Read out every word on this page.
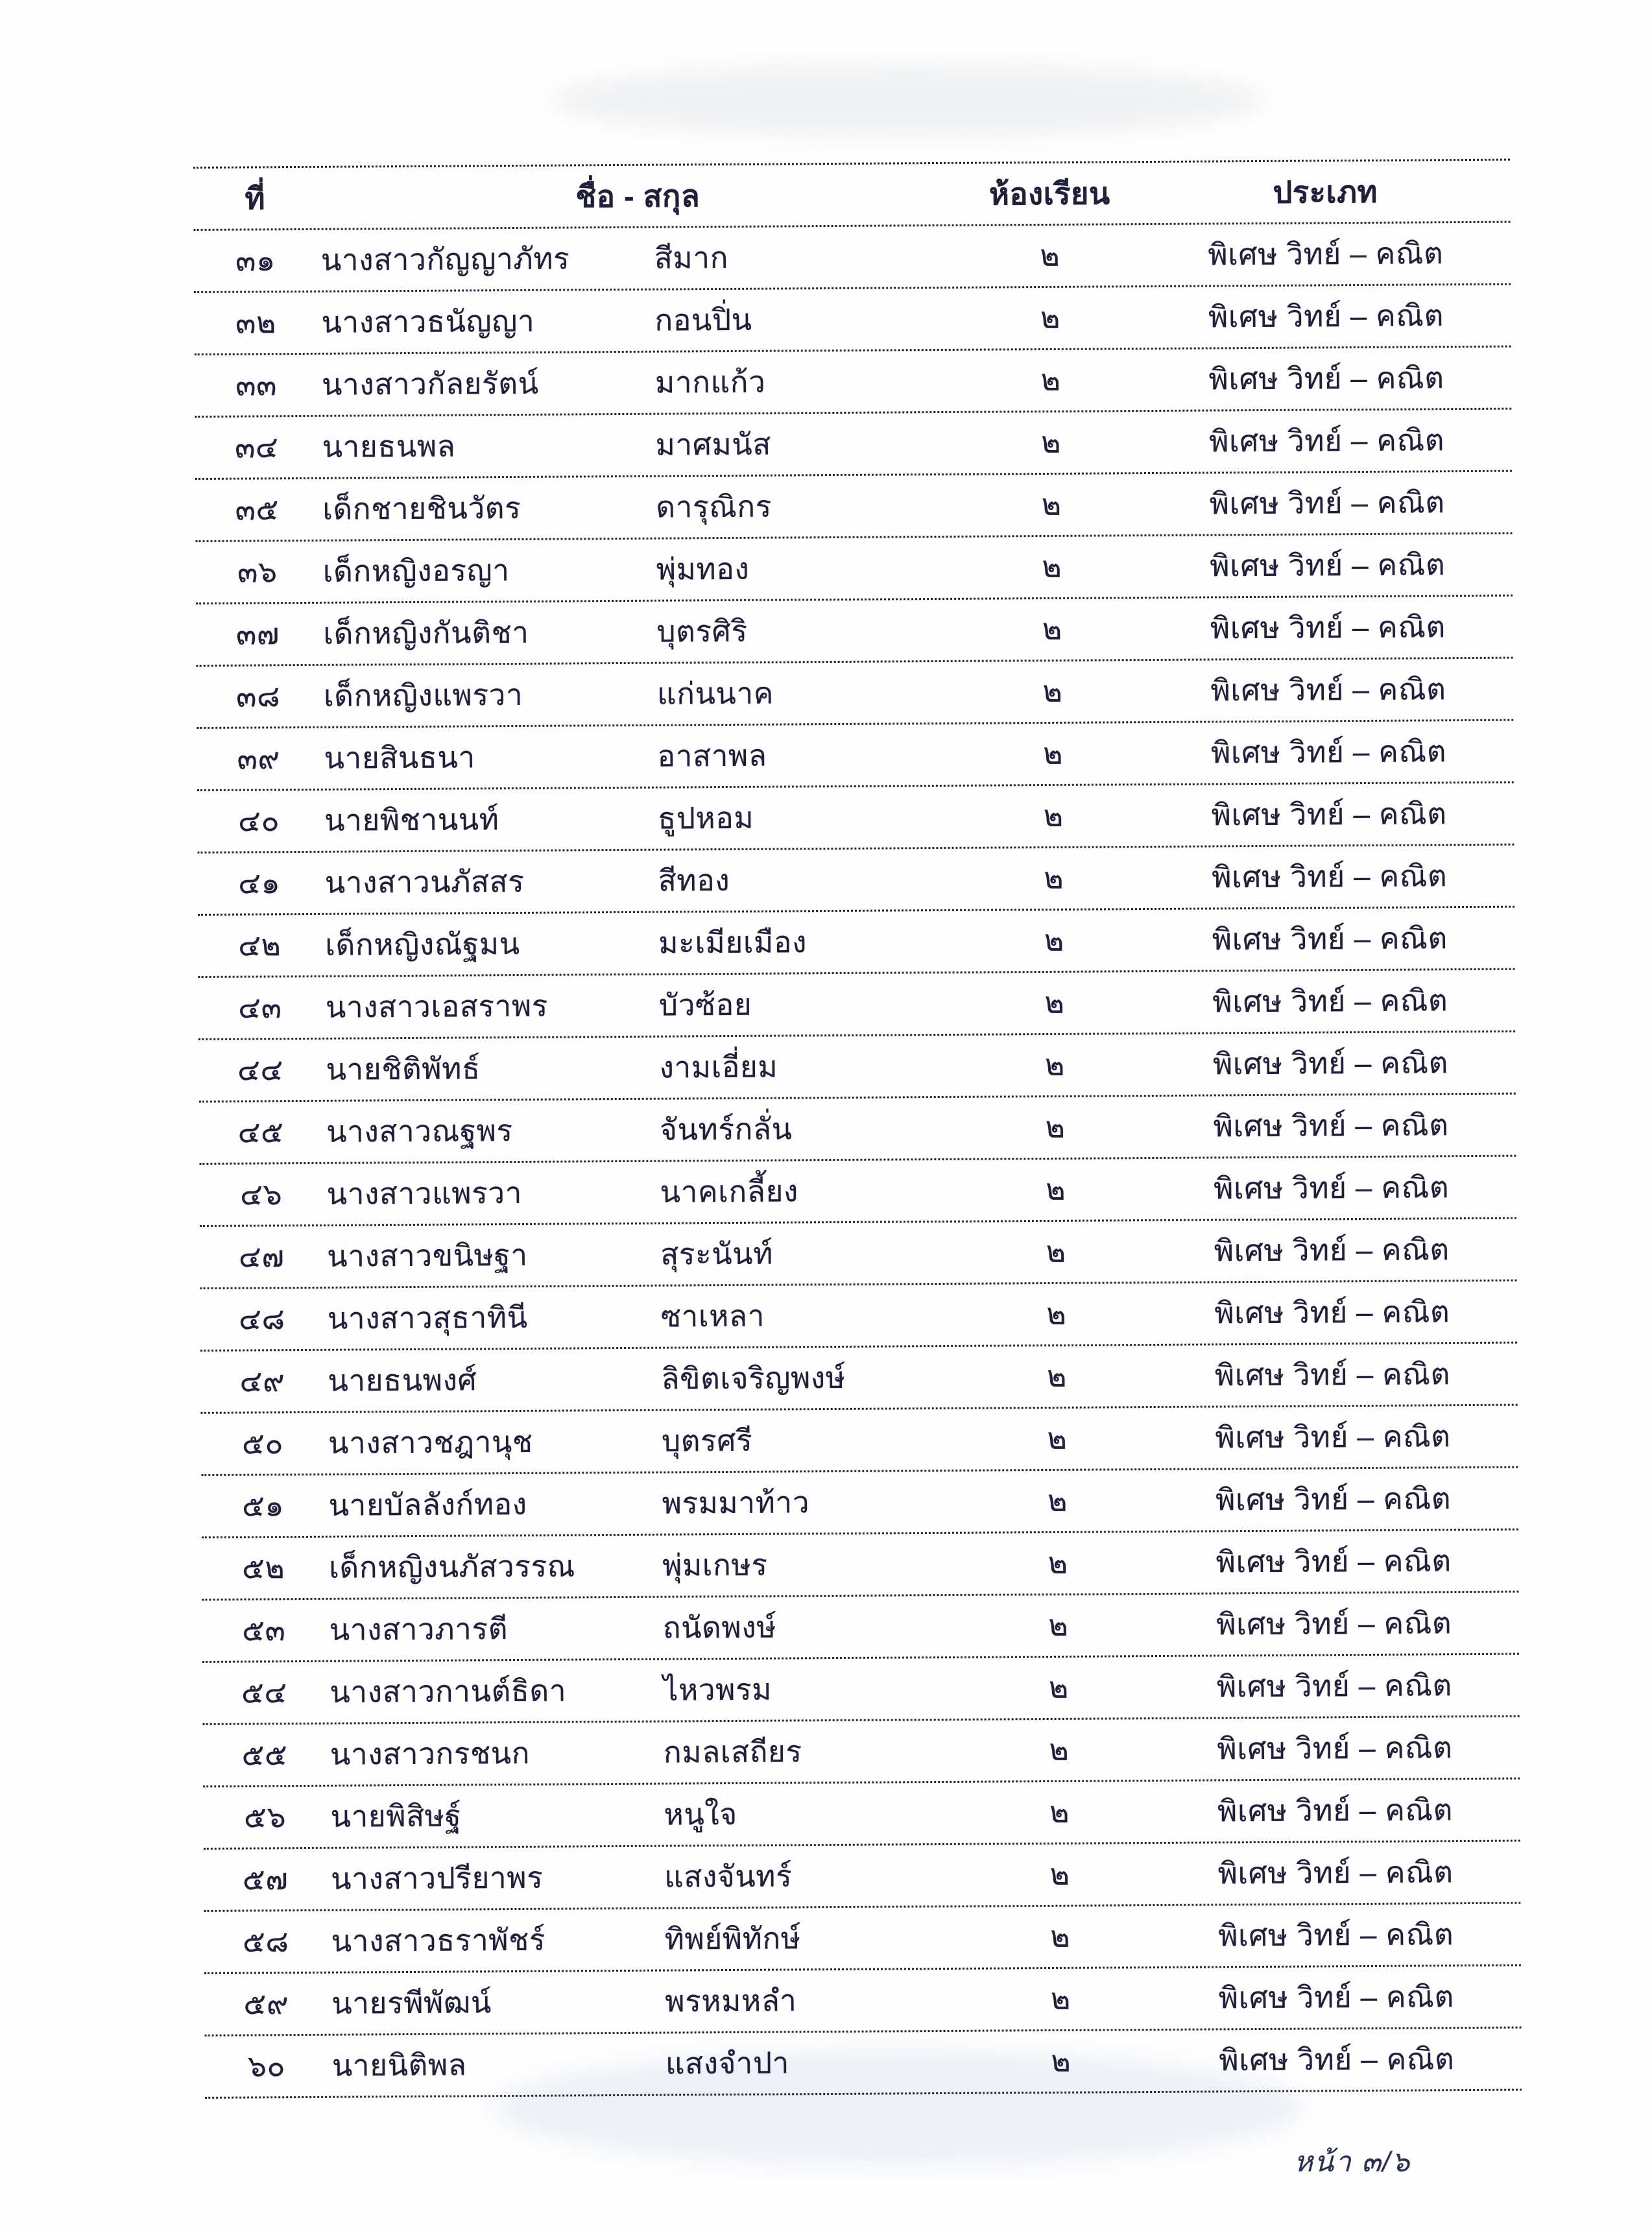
ที่	ชื่อ - สกุล	ห้องเรียน	ประเภท
๓๑	นางสาวกัญญาภัทร	สีมาก	๒	พิเศษ วิทย์ – คณิต
๓๒	นางสาวธนัญญา	กอนปิ่น	๒	พิเศษ วิทย์ – คณิต
๓๓	นางสาวกัลยรัตน์	มากแก้ว	๒	พิเศษ วิทย์ – คณิต
๓๔	นายธนพล	มาศมนัส	๒	พิเศษ วิทย์ – คณิต
๓๕	เด็กชายชินวัตร	ดารุณิกร	๒	พิเศษ วิทย์ – คณิต
๓๖	เด็กหญิงอรญา	พุ่มทอง	๒	พิเศษ วิทย์ – คณิต
๓๗	เด็กหญิงกันติชา	บุตรศิริ	๒	พิเศษ วิทย์ – คณิต
๓๘	เด็กหญิงแพรวา	แก่นนาค	๒	พิเศษ วิทย์ – คณิต
๓๙	นายสินธนา	อาสาพล	๒	พิเศษ วิทย์ – คณิต
๔๐	นายพิชานนท์	ธูปหอม	๒	พิเศษ วิทย์ – คณิต
๔๑	นางสาวนภัสสร	สีทอง	๒	พิเศษ วิทย์ – คณิต
๔๒	เด็กหญิงณัฐมน	มะเมียเมือง	๒	พิเศษ วิทย์ – คณิต
๔๓	นางสาวเอสราพร	บัวซ้อย	๒	พิเศษ วิทย์ – คณิต
๔๔	นายชิติพัทธ์	งามเอี่ยม	๒	พิเศษ วิทย์ – คณิต
๔๕	นางสาวณฐพร	จันทร์กลั่น	๒	พิเศษ วิทย์ – คณิต
๔๖	นางสาวแพรวา	นาคเกลี้ยง	๒	พิเศษ วิทย์ – คณิต
๔๗	นางสาวขนิษฐา	สุระนันท์	๒	พิเศษ วิทย์ – คณิต
๔๘	นางสาวสุธาทินี	ซาเหลา	๒	พิเศษ วิทย์ – คณิต
๔๙	นายธนพงศ์	ลิขิตเจริญพงษ์	๒	พิเศษ วิทย์ – คณิต
๕๐	นางสาวชฎานุช	บุตรศรี	๒	พิเศษ วิทย์ – คณิต
๕๑	นายบัลลังก์ทอง	พรมมาท้าว	๒	พิเศษ วิทย์ – คณิต
๕๒	เด็กหญิงนภัสวรรณ	พุ่มเกษร	๒	พิเศษ วิทย์ – คณิต
๕๓	นางสาวภารตี	ถนัดพงษ์	๒	พิเศษ วิทย์ – คณิต
๕๔	นางสาวกานต์ธิดา	ไหวพรม	๒	พิเศษ วิทย์ – คณิต
๕๕	นางสาวกรชนก	กมลเสถียร	๒	พิเศษ วิทย์ – คณิต
๕๖	นายพิสิษฐ์	หนูใจ	๒	พิเศษ วิทย์ – คณิต
๕๗	นางสาวปรียาพร	แสงจันทร์	๒	พิเศษ วิทย์ – คณิต
๕๘	นางสาวธราพัชร์	ทิพย์พิทักษ์	๒	พิเศษ วิทย์ – คณิต
๕๙	นายรพีพัฒน์	พรหมหลำ	๒	พิเศษ วิทย์ – คณิต
๖๐	นายนิติพล	แสงจำปา	๒	พิเศษ วิทย์ – คณิต
หน้า ๓/๖
